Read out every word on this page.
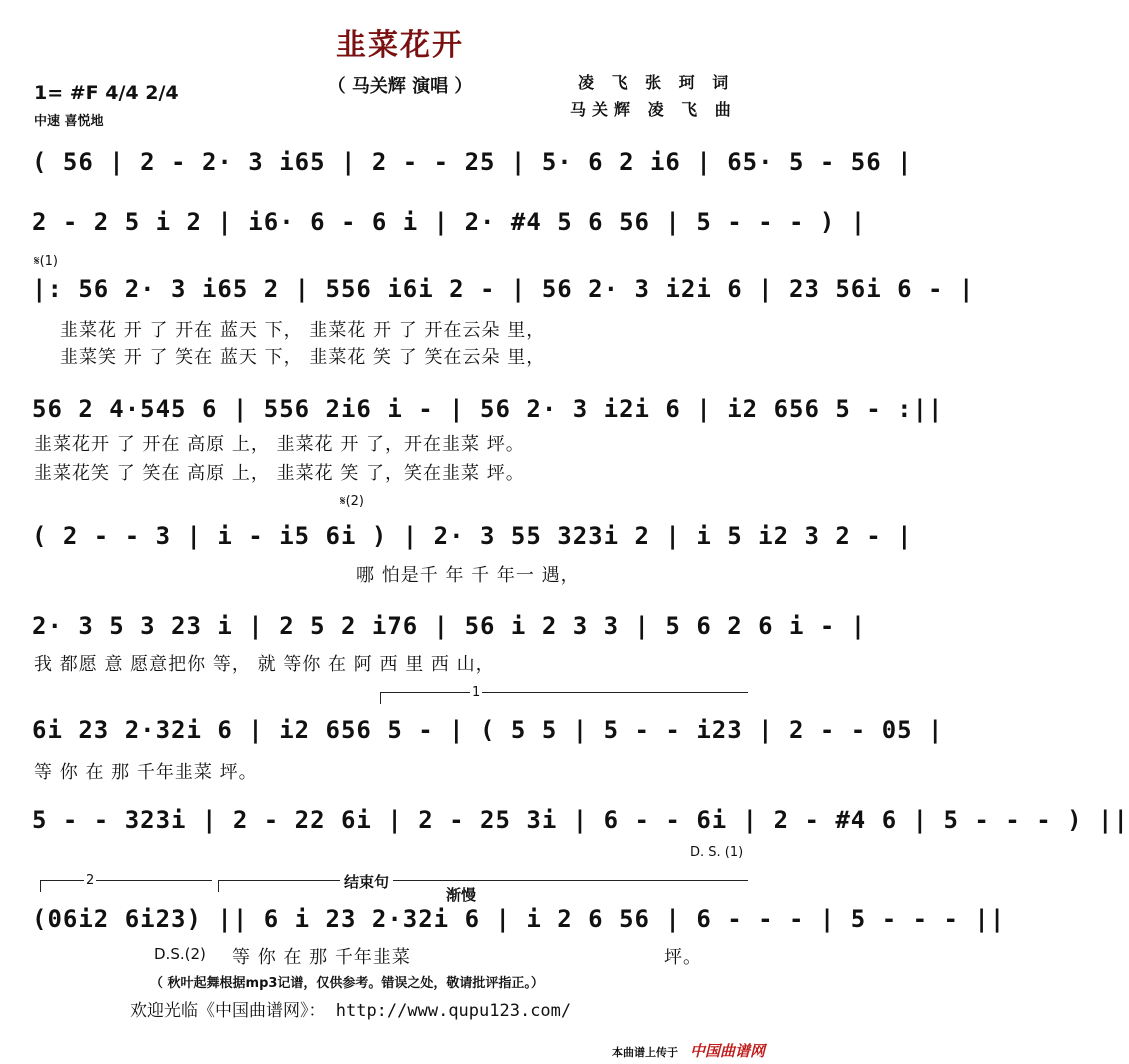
韭菜花开
（ 马关辉 演唱 ）	凌 飞 张 珂 词
马关辉 凌 飞 曲
1= #F 4/4 2/4
中速 喜悦地
( 56 | 2 - 2· 3 i65 | 2 - - 25 | 5· 6 2 i6 | 65· 5 - 56 |
2 - 2 5 i 2 | i6· 6 - 6 i | 2· #4 5 6 56 | 5 - - - ) |
𝄋(1)
|: 56 2· 3 i65 2 | 556 i6i 2 - | 56 2· 3 i2i 6 | 23 56i 6 - |
韭菜花 开 了 开在 蓝天 下， 韭菜花 开 了 开在云朵 里，
韭菜笑 开 了 笑在 蓝天 下， 韭菜花 笑 了 笑在云朵 里，
56 2 4·545 6 | 556 2i6 i - | 56 2· 3 i2i 6 | i2 656 5 - :||
韭菜花开 了 开在 高原 上， 韭菜花 开 了，开在韭菜 坪。
韭菜花笑 了 笑在 高原 上， 韭菜花 笑 了，笑在韭菜 坪。
𝄋(2)
( 2 - - 3 | i - i5 6i ) | 2· 3 55 323i 2 | i 5 i2 3 2 - |
哪 怕是千 年 千 年一 遇，
2· 3 5 3 23 i | 2 5 2 i76 | 56 i 2 3 3 | 5 6 2 6 i - |
我 都愿 意 愿意把你 等， 就 等你 在 阿 西 里 西 山，
1
6i 23 2·32i 6 | i2 656 5 - | ( 5 5 | 5 - - i23 | 2 - - 05 |
等 你 在 那 千年韭菜 坪。
5 - - 323i | 2 - 22 6i | 2 - 25 3i | 6 - - 6i | 2 - #4 6 | 5 - - - ) ||
D. S. (1)
2	结束句
渐慢
(06i2 6i23) || 6 i 23 2·32i 6 | i 2 6 56 | 6 - - - | 5 - - - ||
D.S.(2) 等 你 在 那 千年韭菜	坪。
（ 秋叶起舞根据mp3记谱，仅供参考。错误之处，敬请批评指正。）
欢迎光临《中国曲谱网》： http://www.qupu123.com/
本曲谱上传于 中国曲谱网
